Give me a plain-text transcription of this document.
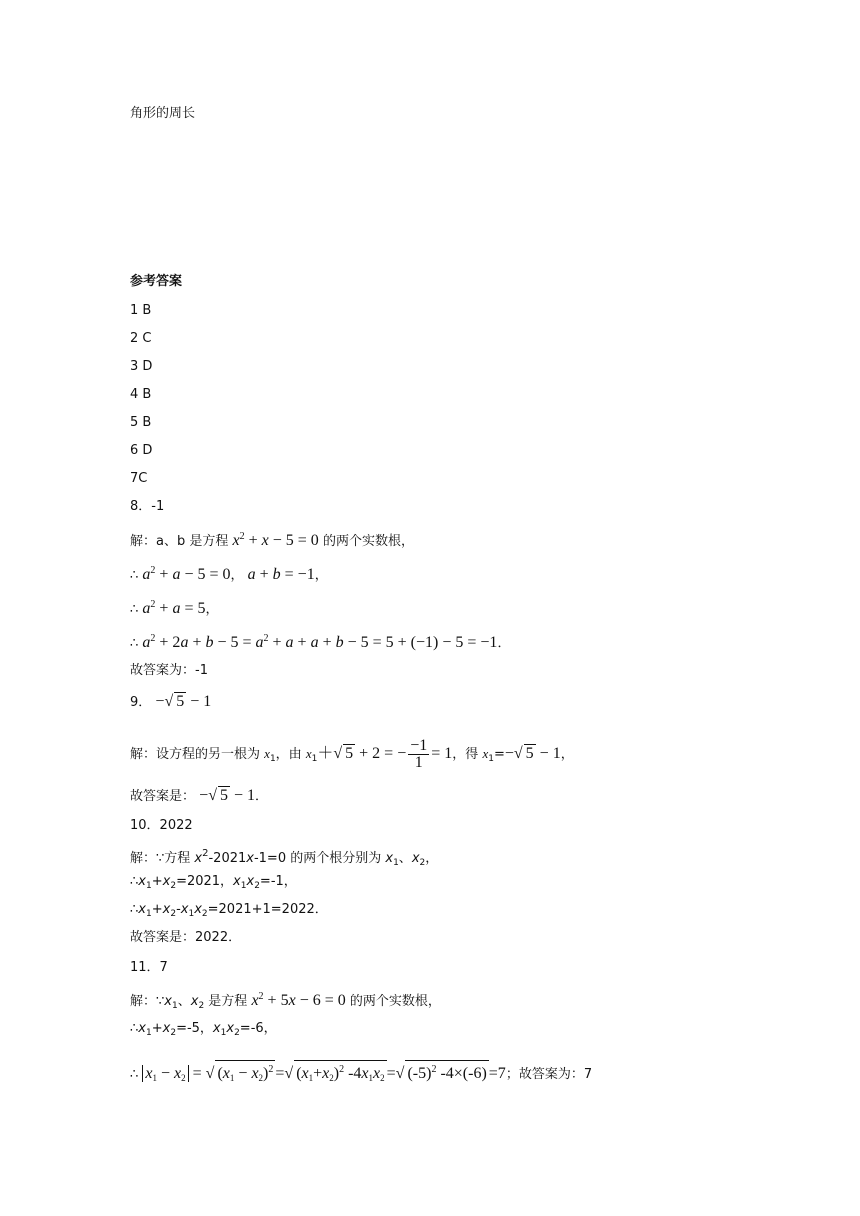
角形的周长
参考答案
1 B
2 C
3 D
4 B
5 B
6 D
7C
8．-1
解：a、b 是方程 $x^2 + x - 5 = 0$ 的两个实数根，
∴ $a^2 + a - 5 = 0$， a + b = −1，
∴ $a^2 + a = 5$，
∴ $a^2 + 2a + b - 5 = a^2 + a + a + b - 5 = 5 + (-1) - 5 = -1$．
故答案为：-1
9． −√ 5 − 1
解：设方程的另一根为 $x_1$，由 $x_1+√$ 5 + 2 = − $\frac{-1}{1} = 1$，得 $x_1=-√$ 5 − 1，
故答案是： −√ 5 − 1．
10．2022
解：∵方程 $x^2-2021x-1=0$ 的两个根分别为 $x_1$、$x_2$，
$\therefore x_1+x_2=2021$，$x_1x_2=-1$，
$\therefore x_1+x_2-x_1x_2=2021+1=2022$．
故答案是：2022．
11．7
解：$\because x_1$、$x_2$ 是方程 $x^2 + 5x - 6 = 0$ 的两个实数根，
$\therefore x_1+x_2=-5$，$x_1x_2=-6$，
∴ $x_1 - x_2$ = √ $(x_1 - x_2)^2$ =√ $(x_1+x_2)^2$ $-4x_1x_2$ =√ $(-5)^2$ -4×(-6) =7；故答案为：7
